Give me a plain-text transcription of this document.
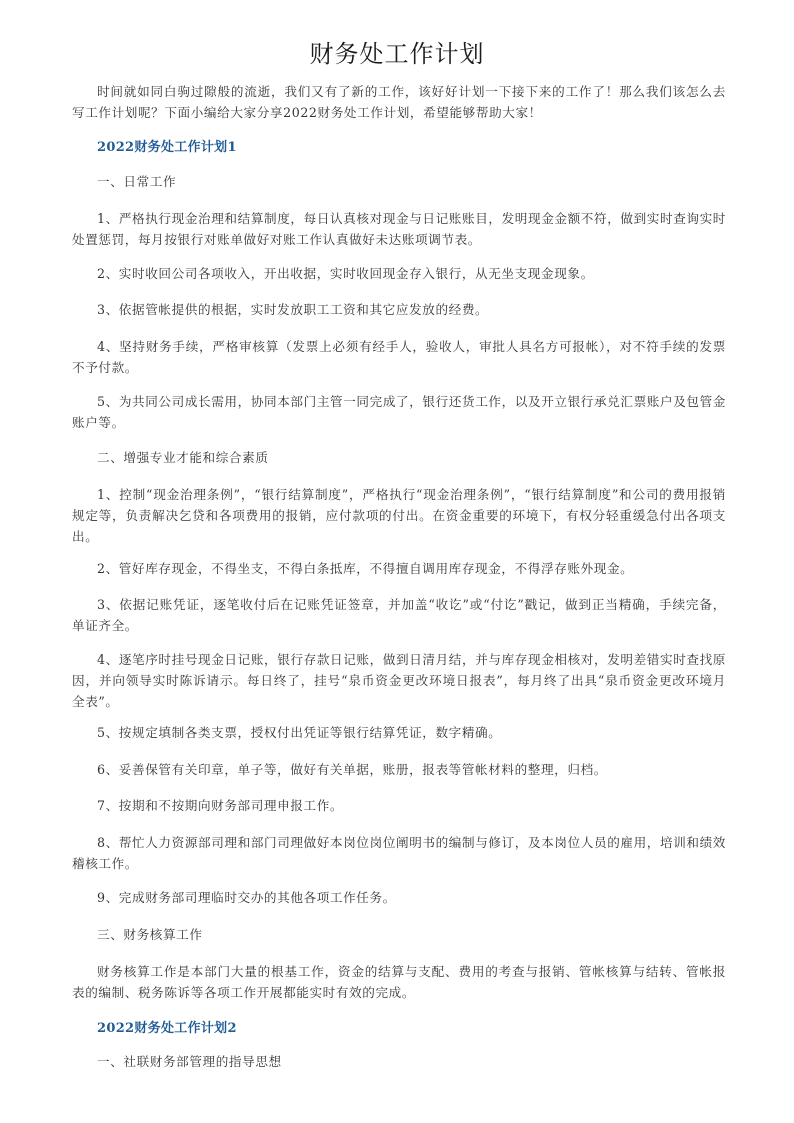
财务处工作计划
时间就如同白驹过隙般的流逝，我们又有了新的工作，该好好计划一下接下来的工作了！那么我们该怎么去写工作计划呢？下面小编给大家分享2022财务处工作计划，希望能够帮助大家！
2022财务处工作计划1
一、日常工作
1、严格执行现金治理和结算制度，每日认真核对现金与日记账账目，发明现金金额不符，做到实时查询实时处置惩罚，每月按银行对账单做好对账工作认真做好未达账项调节表。
2、实时收回公司各项收入，开出收据，实时收回现金存入银行，从无坐支现金现象。
3、依据管帐提供的根据，实时发放职工工资和其它应发放的经费。
4、坚持财务手续，严格审核算（发票上必须有经手人，验收人，审批人具名方可报帐），对不符手续的发票不予付款。
5、为共同公司成长需用，协同本部门主管一同完成了，银行还货工作，以及开立银行承兑汇票账户及包管金账户等。
二、增强专业才能和综合素质
1、控制“现金治理条例”，“银行结算制度”，严格执行“现金治理条例”，“银行结算制度”和公司的费用报销规定等，负责解决乞贷和各项费用的报销，应付款项的付出。在资金重要的环境下，有权分轻重缓急付出各项支出。
2、管好库存现金，不得坐支，不得白条抵库，不得擅自调用库存现金，不得浮存账外现金。
3、依据记账凭证，逐笔收付后在记账凭证签章，并加盖“收讫”或“付讫”戳记，做到正当精确，手续完备，单证齐全。
4、逐笔序时挂号现金日记账，银行存款日记账，做到日清月结，并与库存现金相核对，发明差错实时查找原因，并向领导实时陈诉请示。每日终了，挂号“泉币资金更改环境日报表”，每月终了出具“泉币资金更改环境月全表”。
5、按规定填制各类支票，授权付出凭证等银行结算凭证，数字精确。
6、妥善保管有关印章，单子等，做好有关单据，账册，报表等管帐材料的整理，归档。
7、按期和不按期向财务部司理申报工作。
8、帮忙人力资源部司理和部门司理做好本岗位岗位阐明书的编制与修订，及本岗位人员的雇用，培训和绩效稽核工作。
9、完成财务部司理临时交办的其他各项工作任务。
三、财务核算工作
财务核算工作是本部门大量的根基工作，资金的结算与支配、费用的考查与报销、管帐核算与结转、管帐报表的编制、税务陈诉等各项工作开展都能实时有效的完成。
2022财务处工作计划2
一、社联财务部管理的指导思想
